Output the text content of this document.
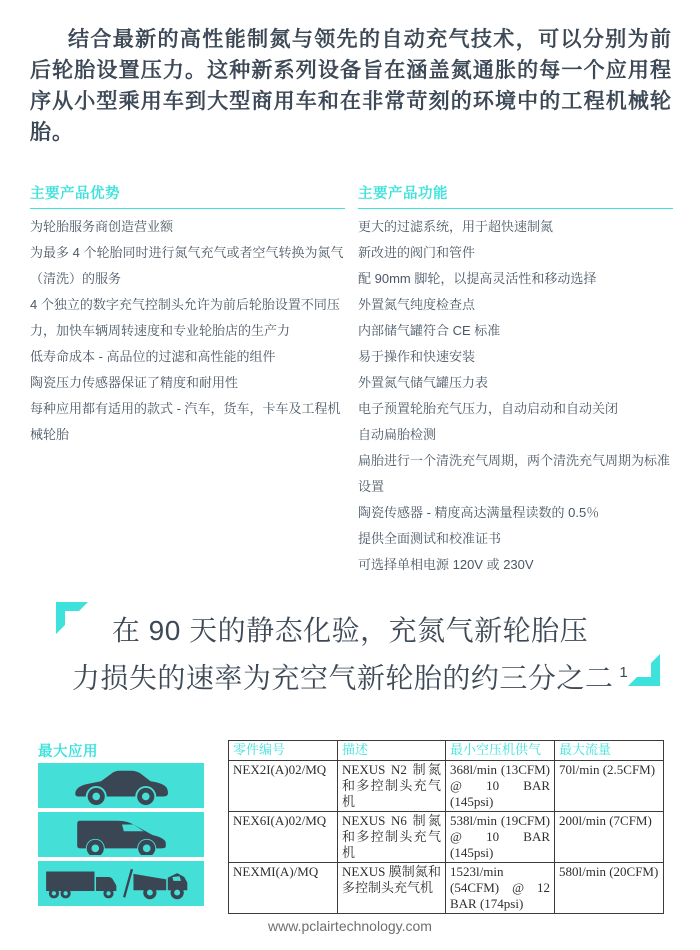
结合最新的高性能制氮与领先的自动充气技术，可以分别为前后轮胎设置压力。这种新系列设备旨在涵盖氮通胀的每一个应用程序从小型乘用车到大型商用车和在非常苛刻的环境中的工程机械轮胎。

主要产品优势

为轮胎服务商创造营业额

为最多 4 个轮胎同时进行氮气充气或者空气转换为氮气（清洗）的服务

4 个独立的数字充气控制头允许为前后轮胎设置不同压力，加快车辆周转速度和专业轮胎店的生产力

低寿命成本 - 高品位的过滤和高性能的组件

陶瓷压力传感器保证了精度和耐用性

每种应用都有适用的款式 - 汽车，货车，卡车及工程机械轮胎

主要产品功能

更大的过滤系统，用于超快速制氮

新改进的阀门和管件

配 90mm 脚轮，以提高灵活性和移动选择

外置氮气纯度检查点

内部储气罐符合 CE 标准

易于操作和快速安装

外置氮气储气罐压力表

电子预置轮胎充气压力，自动启动和自动关闭

自动扁胎检测

扁胎进行一个清洗充气周期，两个清洗充气周期为标准设置

陶瓷传感器 - 精度高达满量程读数的 0.5％

提供全面测试和校准证书

可选择单相电源 120V 或 230V

在 90 天的静态化验，充氮气新轮胎压
力损失的速率为充空气新轮胎的约三分之二 $^1$
最大应用	零件编号	描述	最小空压机供气	最大流量
NEX2I(A)02/MQ	NEXUS N2 制氮和多控制头充气机	368l/min (13CFM) @ 10 BAR (145psi)	70l/min (2.5CFM)
NEX6I(A)02/MQ	NEXUS N6 制氮和多控制头充气机	538l/min (19CFM) @ 10 BAR (145psi)	200l/min (7CFM)
NEXMI(A)/MQ	NEXUS 膜制氮和多控制头充气机	1523l/min (54CFM) @ 12 BAR (174psi)	580l/min (20CFM)
www.pclairtechnology.com
